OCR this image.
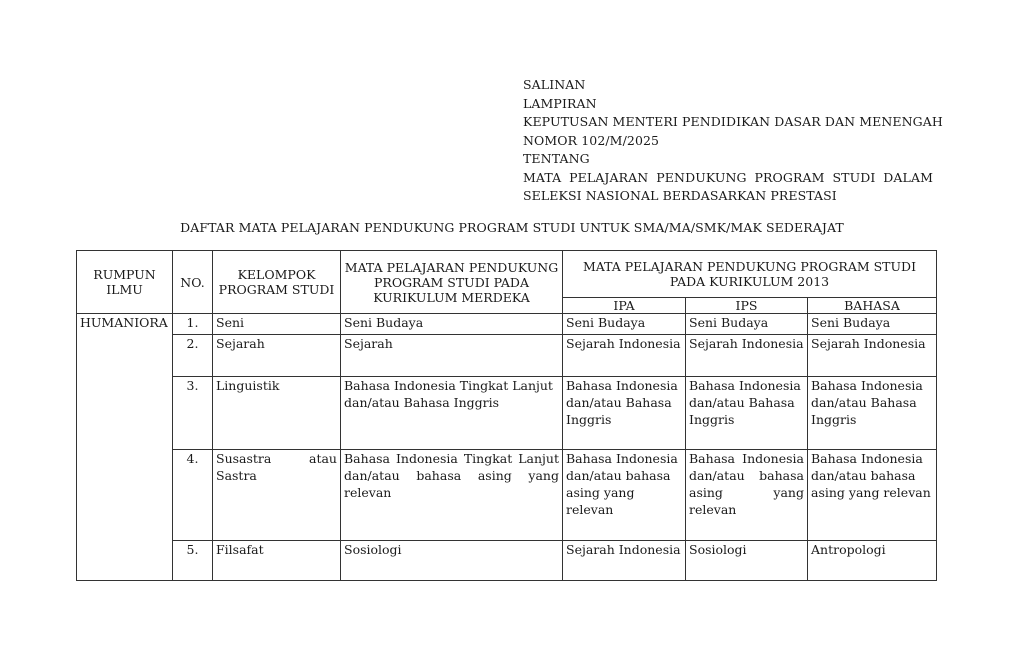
SALINAN
LAMPIRAN
KEPUTUSAN MENTERI PENDIDIKAN DASAR DAN MENENGAH
NOMOR 102/M/2025
TENTANG
MATA PELAJARAN PENDUKUNG PROGRAM STUDI DALAM
SELEKSI NASIONAL BERDASARKAN PRESTASI
DAFTAR MATA PELAJARAN PENDUKUNG PROGRAM STUDI UNTUK SMA/MA/SMK/MAK SEDERAJAT
RUMPUN ILMU	NO.	KELOMPOK PROGRAM STUDI	MATA PELAJARAN PENDUKUNG PROGRAM STUDI PADA KURIKULUM MERDEKA	MATA PELAJARAN PENDUKUNG PROGRAM STUDI PADA KURIKULUM 2013		
				IPA	IPS	BAHASA
HUMANIORA	1.	Seni	Seni Budaya	Seni Budaya	Seni Budaya	Seni Budaya
	2.	Sejarah	Sejarah	Sejarah Indonesia	Sejarah Indonesia	Sejarah Indonesia
	3.	Linguistik	Bahasa Indonesia Tingkat Lanjut dan/atau Bahasa Inggris	Bahasa Indonesia dan/atau Bahasa Inggris	Bahasa Indonesia dan/atau Bahasa Inggris	Bahasa Indonesia dan/atau Bahasa Inggris
	4.	Susastra atau Sastra	Bahasa Indonesia Tingkat Lanjut dan/atau bahasa asing yang relevan	Bahasa Indonesia dan/atau bahasa asing yang relevan	Bahasa Indonesia dan/atau bahasa asing yang relevan	Bahasa Indonesia dan/atau bahasa asing yang relevan
	5.	Filsafat	Sosiologi	Sejarah Indonesia	Sosiologi	Antropologi
